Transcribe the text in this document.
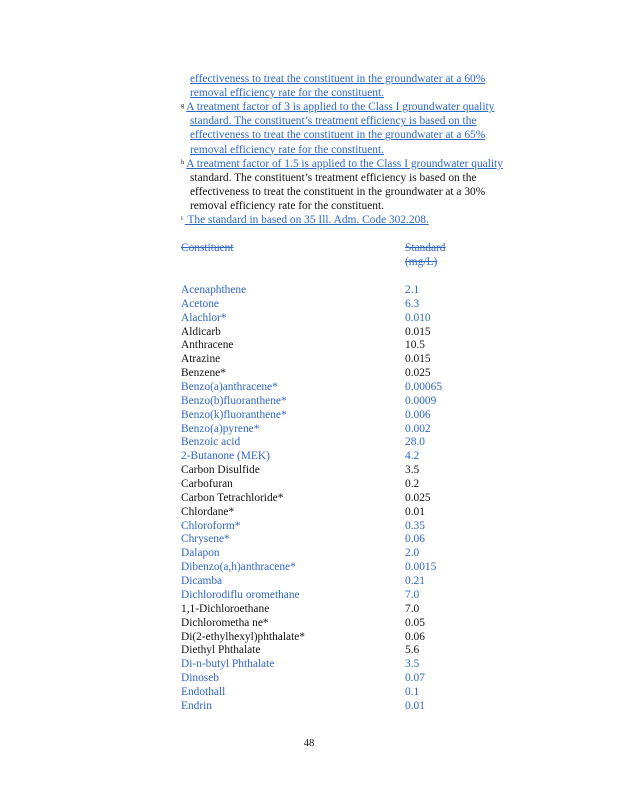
effectiveness to treat the constituent in the groundwater at a 60%
removal efficiency rate for the constituent.
$^g$ A treatment factor of 3 is applied to the Class I groundwater quality
standard. The constituent’s treatment efficiency is based on the
effectiveness to treat the constituent in the groundwater at a 65%
removal efficiency rate for the constituent.
$^h$ A treatment factor of 1.5 is applied to the Class I groundwater quality
standard. The constituent’s treatment efficiency is based on the
effectiveness to treat the constituent in the groundwater at a 30%
removal efficiency rate for the constituent.
$^i$ The standard in based on 35 Ill. Adm. Code 302.208.
Constituent	Standard
(mg/L)
Acenaphthene	2.1
Acetone	6.3
Alachlor*	0.010
Aldicarb	0.015
Anthracene	10.5
Atrazine	0.015
Benzene*	0.025
Benzo(a)anthracene*	0.00065
Benzo(b)fluoranthene*	0.0009
Benzo(k)fluoranthene*	0.006
Benzo(a)pyrene*	0.002
Benzoic acid	28.0
2-Butanone (MEK)	4.2
Carbon Disulfide	3.5
Carbofuran	0.2
Carbon Tetrachloride*	0.025
Chlordane*	0.01
Chloroform*	0.35
Chrysene*	0.06
Dalapon	2.0
Dibenzo(a,h)anthracene*	0.0015
Dicamba	0.21
Dichlorodiflu oromethane	7.0
1,1-Dichloroethane	7.0
Dichlorometha ne*	0.05
Di(2-ethylhexyl)phthalate*	0.06
Diethyl Phthalate	5.6
Di-n-butyl Phthalate	3.5
Dinoseb	0.07
Endothall	0.1
Endrin	0.01
48
